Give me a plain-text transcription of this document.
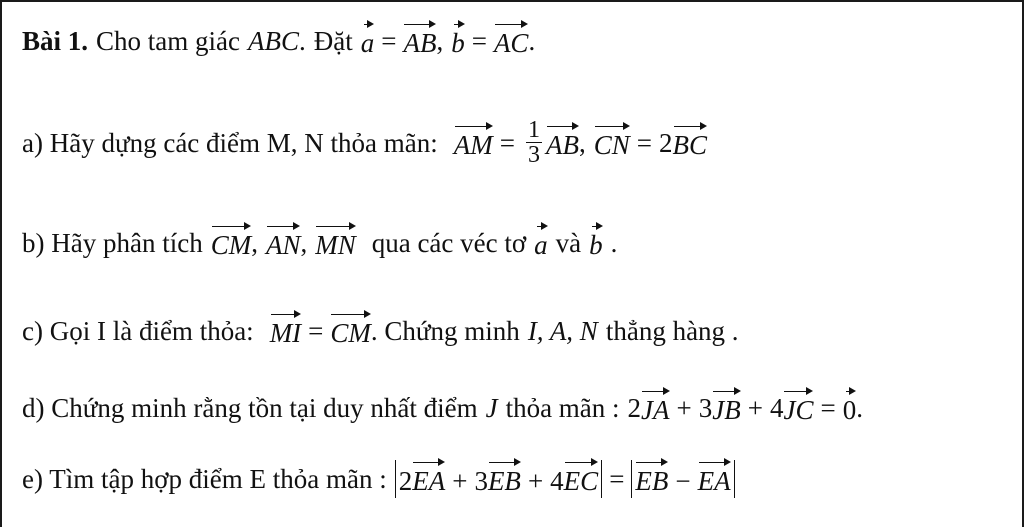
Bài 1. Cho tam giác ABC . Đặt a = AB , b = AC .
a) Hãy dựng các điểm M, N thỏa mãn: AM = $\frac{1}{3}$ AB , CN = 2 BC
b) Hãy phân tích CM , AN , MN qua các véc tơ a và b .
c) Gọi I là điểm thỏa: MI = CM . Chứng minh I, A, N thẳng hàng .
d) Chứng minh rằng tồn tại duy nhất điểm J thỏa mãn : 2 JA + 3 JB + 4 JC = 0 .
e) Tìm tập hợp điểm E thỏa mãn : 2EA + 3EB + 4EC = EB − EA
